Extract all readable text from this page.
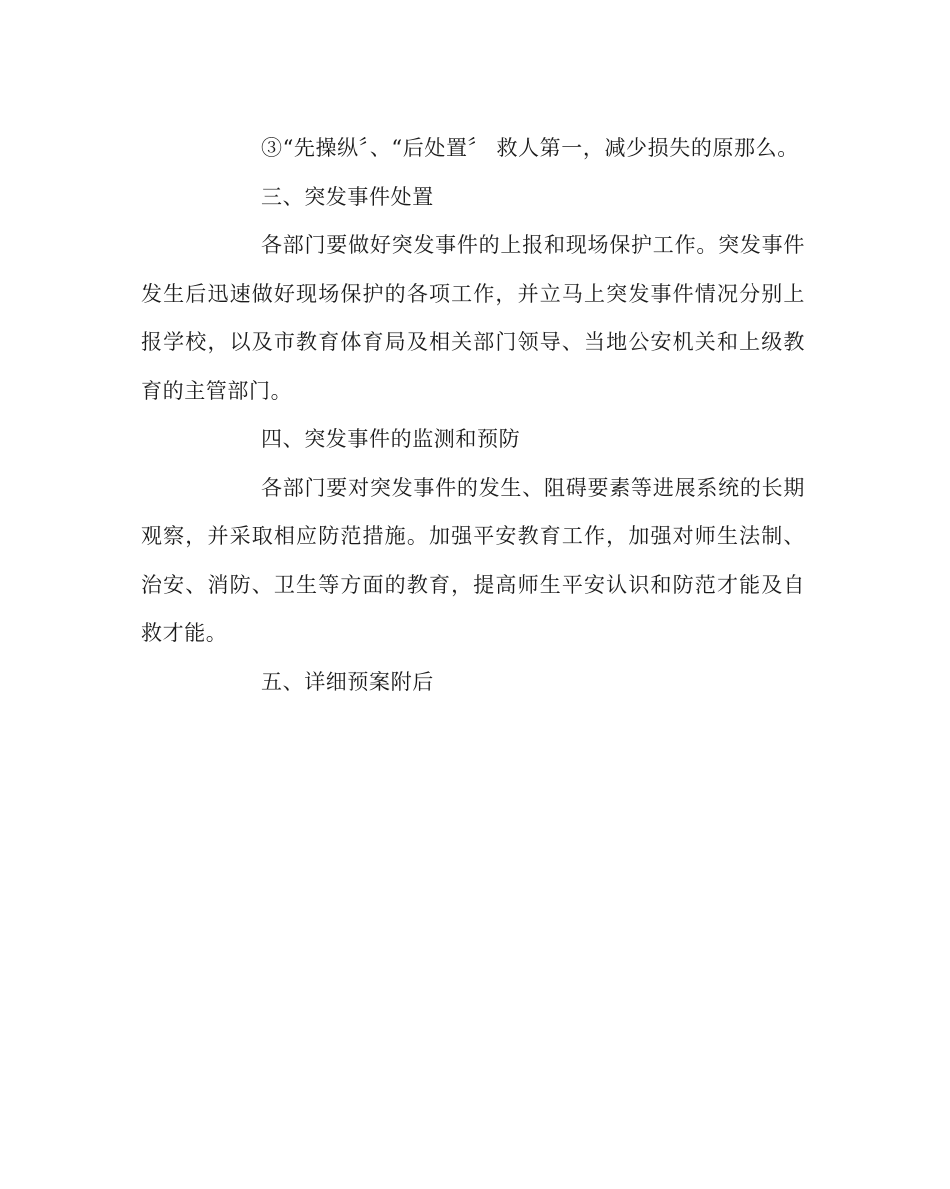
③“先操纵〞、“后处置〞 救人第一，减少损失的原那么。

三、突发事件处置

各部门要做好突发事件的上报和现场保护工作。突发事件发生后迅速做好现场保护的各项工作，并立马上突发事件情况分别上报学校，以及市教育体育局及相关部门领导、当地公安机关和上级教育的主管部门。

四、突发事件的监测和预防

各部门要对突发事件的发生、阻碍要素等进展系统的长期观察，并采取相应防范措施。加强平安教育工作，加强对师生法制、治安、消防、卫生等方面的教育，提高师生平安认识和防范才能及自救才能。

五、详细预案附后
